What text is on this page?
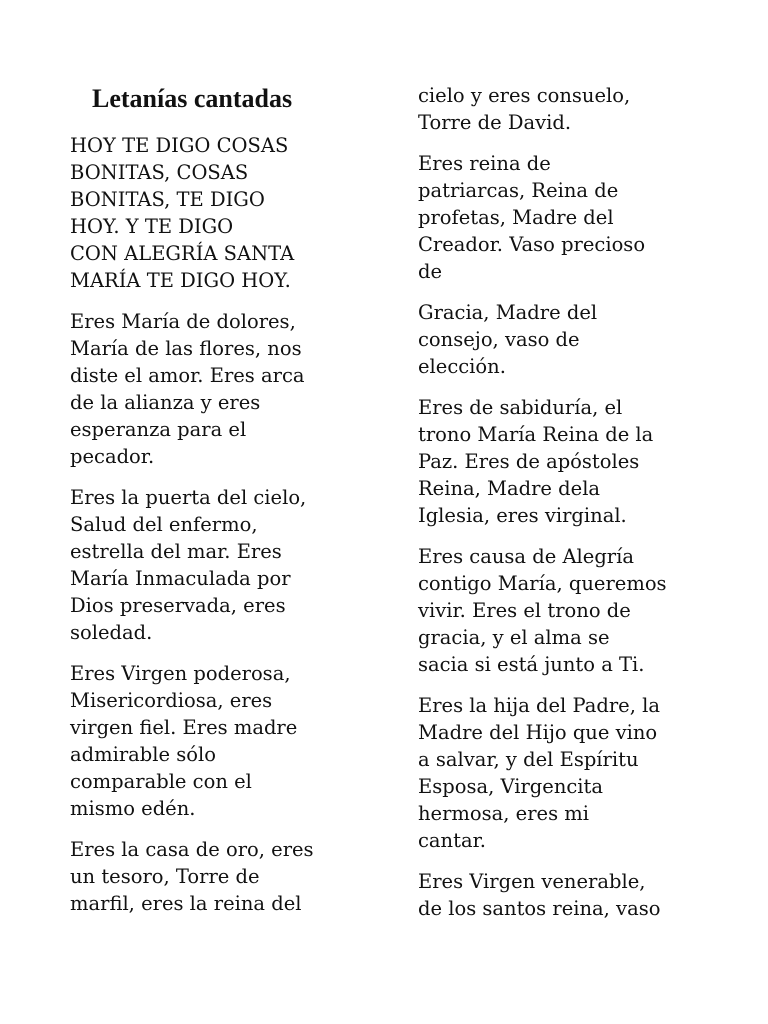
Letanías cantadas

HOY TE DIGO COSAS
BONITAS, COSAS
BONITAS, TE DIGO
HOY. Y TE DIGO
CON ALEGRÍA SANTA
MARÍA TE DIGO HOY.

Eres María de dolores,
María de las flores, nos
diste el amor. Eres arca
de la alianza y eres
esperanza para el
pecador.

Eres la puerta del cielo,
Salud del enfermo,
estrella del mar. Eres
María Inmaculada por
Dios preservada, eres
soledad.

Eres Virgen poderosa,
Misericordiosa, eres
virgen fiel. Eres madre
admirable sólo
comparable con el
mismo edén.

Eres la casa de oro, eres
un tesoro, Torre de
marfil, eres la reina del

cielo y eres consuelo,
Torre de David.

Eres reina de
patriarcas, Reina de
profetas, Madre del
Creador. Vaso precioso
de

Gracia, Madre del
consejo, vaso de
elección.

Eres de sabiduría, el
trono María Reina de la
Paz. Eres de apóstoles
Reina, Madre dela
Iglesia, eres virginal.

Eres causa de Alegría
contigo María, queremos
vivir. Eres el trono de
gracia, y el alma se
sacia si está junto a Ti.

Eres la hija del Padre, la
Madre del Hijo que vino
a salvar, y del Espíritu
Esposa, Virgencita
hermosa, eres mi
cantar.

Eres Virgen venerable,
de los santos reina, vaso
